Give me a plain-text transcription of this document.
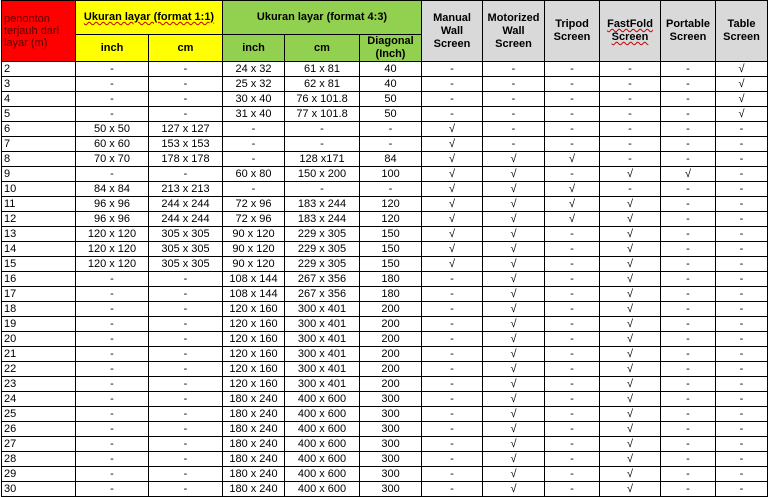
penonton terjauh dari layar (m)	Ukuran layar (format 1:1)		Ukuran layar (format 4:3)			Manual Wall Screen	Motorized Wall Screen	Tripod Screen	FastFold Screen	Portable Screen	Table Screen
	inch	cm	inch	cm	Diagonal (Inch)						
2	-	-	24 x 32	61 x 81	40	-	-	-	-	-	√
3	-	-	25 x 32	62 x 81	40	-	-	-	-	-	√
4	-	-	30 x 40	76 x 101.8	50	-	-	-	-	-	√
5	-	-	31 x 40	77 x 101.8	50	-	-	-	-	-	√
6	50 x 50	127 x 127	-	-	-	√	-	-	-	-	-
7	60 x 60	153 x 153	-	-	-	√	-	-	-	-	-
8	70 x 70	178 x 178	-	128 x171	84	√	√	√	-	-	-
9	-	-	60 x 80	150 x 200	100	√	√	-	√	√	-
10	84 x 84	213 x 213	-	-	-	√	√	√	-	-	-
11	96 x 96	244 x 244	72 x 96	183 x 244	120	√	√	√	√	-	-
12	96 x 96	244 x 244	72 x 96	183 x 244	120	√	√	√	√	-	-
13	120 x 120	305 x 305	90 x 120	229 x 305	150	√	√	-	√	-	-
14	120 x 120	305 x 305	90 x 120	229 x 305	150	√	√	-	√	-	-
15	120 x 120	305 x 305	90 x 120	229 x 305	150	√	√	-	√	-	-
16	-	-	108 x 144	267 x 356	180	-	√	-	√	-	-
17	-	-	108 x 144	267 x 356	180	-	√	-	√	-	-
18	-	-	120 x 160	300 x 401	200	-	√	-	√	-	-
19	-	-	120 x 160	300 x 401	200	-	√	-	√	-	-
20	-	-	120 x 160	300 x 401	200	-	√	-	√	-	-
21	-	-	120 x 160	300 x 401	200	-	√	-	√	-	-
22	-	-	120 x 160	300 x 401	200	-	√	-	√	-	-
23	-	-	120 x 160	300 x 401	200	-	√	-	√	-	-
24	-	-	180 x 240	400 x 600	300	-	√	-	√	-	-
25	-	-	180 x 240	400 x 600	300	-	√	-	√	-	-
26	-	-	180 x 240	400 x 600	300	-	√	-	√	-	-
27	-	-	180 x 240	400 x 600	300	-	√	-	√	-	-
28	-	-	180 x 240	400 x 600	300	-	√	-	√	-	-
29	-	-	180 x 240	400 x 600	300	-	√	-	√	-	-
30	-	-	180 x 240	400 x 600	300	-	√	-	√	-	-
